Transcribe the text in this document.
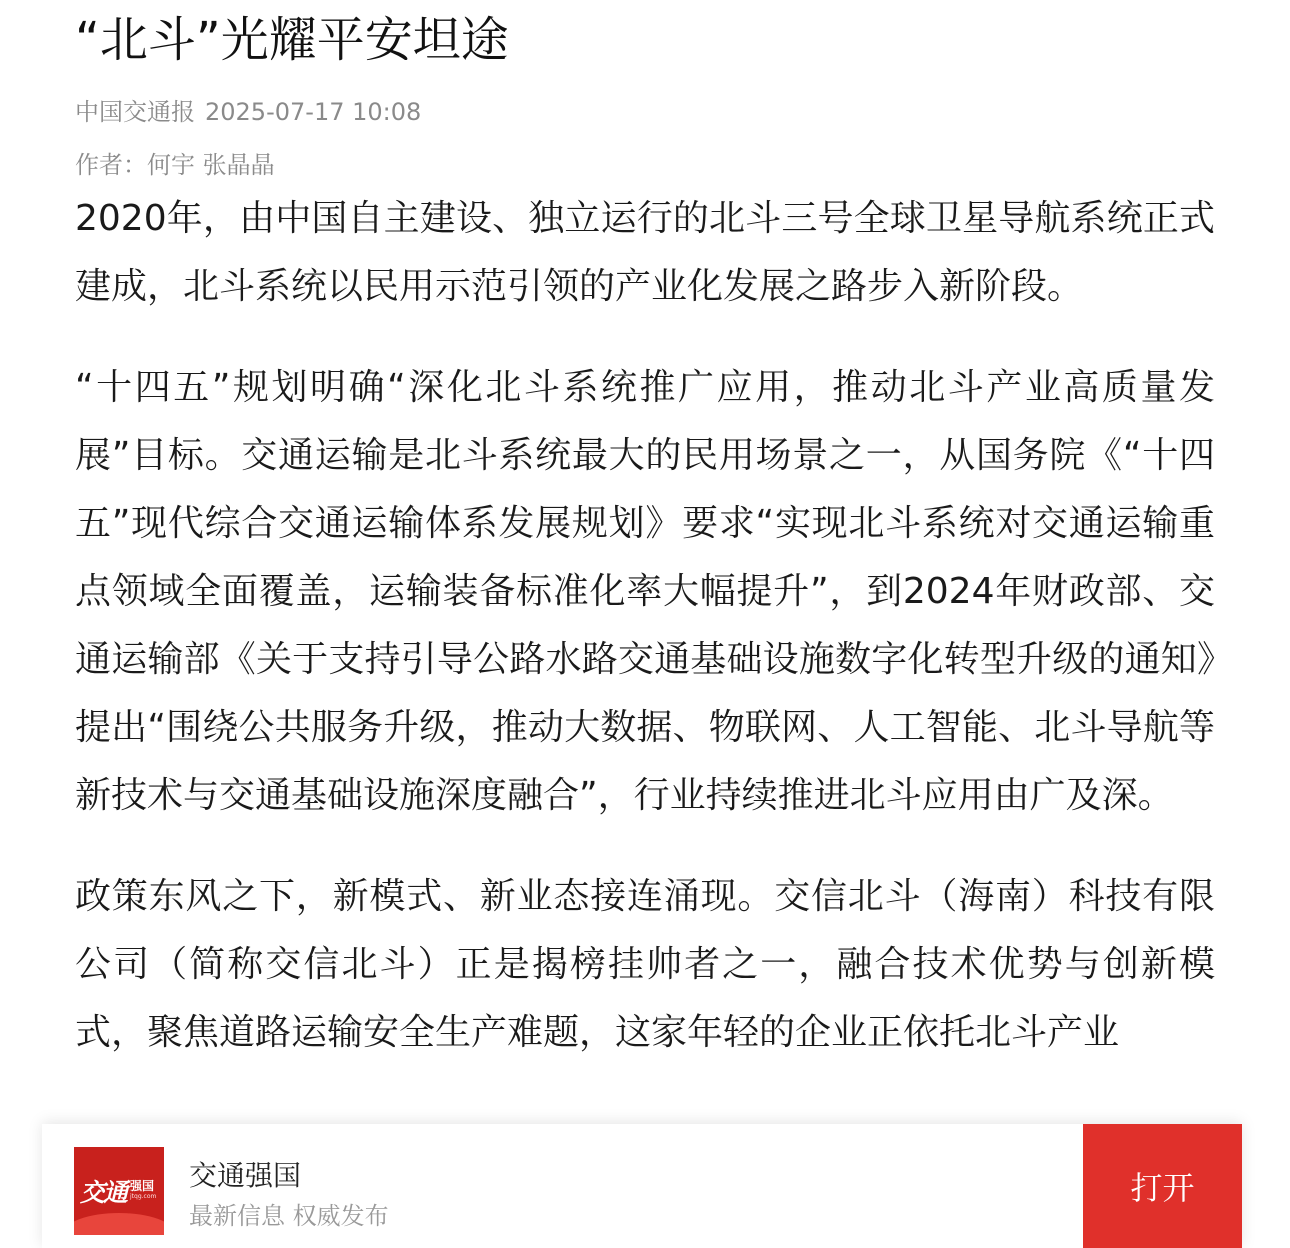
“北斗”光耀平安坦途
中国交通报 2025-07-17 10:08
作者：何宇 张晶晶

2020年，由中国自主建设、独立运行的北斗三号全球卫星导航系统正式建成，北斗系统以民用示范引领的产业化发展之路步入新阶段。

“十四五”规划明确“深化北斗系统推广应用，推动北斗产业高质量发展”目标。交通运输是北斗系统最大的民用场景之一，从国务院《“十四五”现代综合交通运输体系发展规划》要求“实现北斗系统对交通运输重点领域全面覆盖，运输装备标准化率大幅提升”，到2024年财政部、交通运输部《关于支持引导公路水路交通基础设施数字化转型升级的通知》提出“围绕公共服务升级，推动大数据、物联网、人工智能、北斗导航等新技术与交通基础设施深度融合”，行业持续推进北斗应用由广及深。

政策东风之下，新模式、新业态接连涌现。交信北斗（海南）科技有限公司（简称交信北斗）正是揭榜挂帅者之一，融合技术优势与创新模式，聚焦道路运输安全生产难题，这家年轻的企业正依托北斗产业

交通 强国
jtqg.com
交通强国
最新信息 权威发布
打开
